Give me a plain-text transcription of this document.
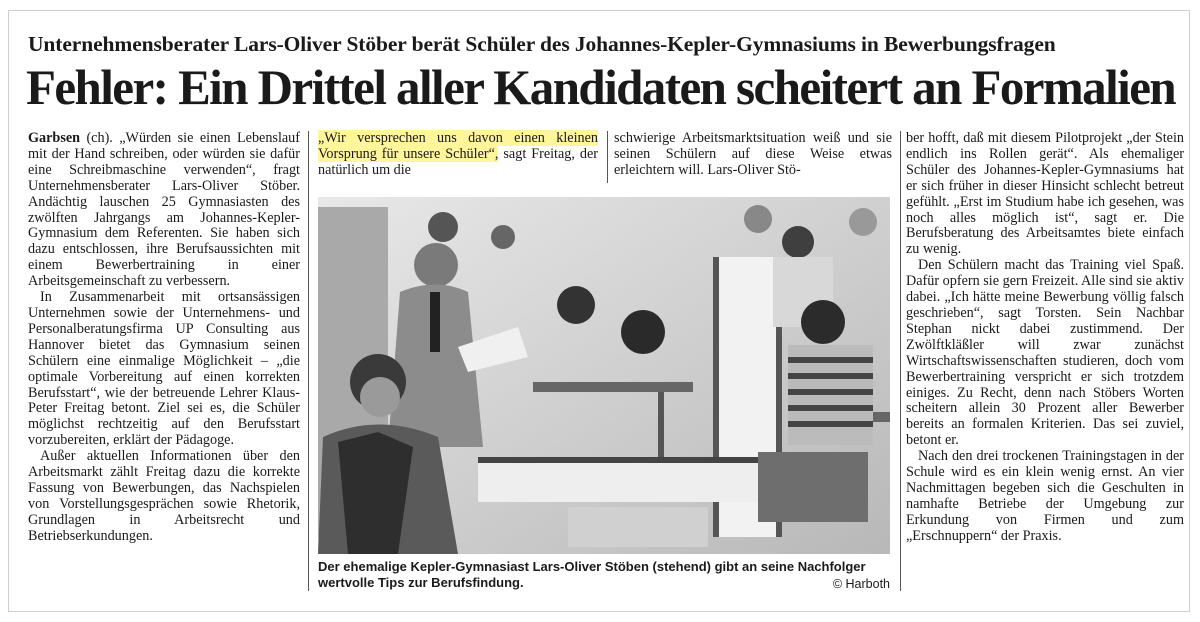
Unternehmensberater Lars-Oliver Stöber berät Schüler des Johannes-Kepler-Gymnasiums in Bewerbungsfragen
Fehler: Ein Drittel aller Kandidaten scheitert an Formalien

Garbsen (ch). „Würden sie einen Lebenslauf mit der Hand schreiben, oder würden sie dafür eine Schreibmaschine verwenden“, fragt Unternehmensberater Lars-Oliver Stöber. Andächtig lauschen 25 Gymnasiasten des zwölften Jahrgangs am Johannes-Kepler-Gymnasium dem Referenten. Sie haben sich dazu entschlossen, ihre Berufsaussichten mit einem Bewerbertraining in einer Arbeitsgemeinschaft zu verbessern.

In Zusammenarbeit mit ortsansässigen Unternehmen sowie der Unternehmens- und Personalberatungsfirma UP Consulting aus Hannover bietet das Gymnasium seinen Schülern eine einmalige Möglichkeit – „die optimale Vorbereitung auf einen korrekten Berufsstart“, wie der betreuende Lehrer Klaus-Peter Freitag betont. Ziel sei es, die Schüler möglichst rechtzeitig auf den Berufsstart vorzubereiten, erklärt der Pädagoge.

Außer aktuellen Informationen über den Arbeitsmarkt zählt Freitag dazu die korrekte Fassung von Bewerbungen, das Nachspielen von Vorstellungsgesprächen sowie Rhetorik, Grundlagen in Arbeitsrecht und Betriebserkundungen.

„Wir versprechen uns davon einen kleinen Vorsprung für unsere Schüler“, sagt Freitag, der natürlich um die

schwierige Arbeitsmarktsituation weiß und sie seinen Schülern auf diese Weise etwas erleichtern will. Lars-Oliver Stö-

ber hofft, daß mit diesem Pilotprojekt „der Stein endlich ins Rollen gerät“. Als ehemaliger Schüler des Johannes-Kepler-Gymnasiums hat er sich früher in dieser Hinsicht schlecht betreut gefühlt. „Erst im Studium habe ich gesehen, was noch alles möglich ist“, sagt er. Die Berufsberatung des Arbeitsamtes biete einfach zu wenig.

Den Schülern macht das Training viel Spaß. Dafür opfern sie gern Freizeit. Alle sind sie aktiv dabei. „Ich hätte meine Bewerbung völlig falsch geschrieben“, sagt Torsten. Sein Nachbar Stephan nickt dabei zustimmend. Der Zwölftkläßler will zwar zunächst Wirtschaftswissenschaften studieren, doch vom Bewerbertraining verspricht er sich trotzdem einiges. Zu Recht, denn nach Stöbers Worten scheitern allein 30 Prozent aller Bewerber bereits an formalen Kriterien. Das sei zuviel, betont er.

Nach den drei trockenen Trainingstagen in der Schule wird es ein klein wenig ernst. An vier Nachmittagen begeben sich die Geschulten in namhafte Betriebe der Umgebung zur Erkundung von Firmen und zum „Erschnuppern“ der Praxis.

Der ehemalige Kepler-Gymnasiast Lars-Oliver Stöben (stehend) gibt an seine Nachfolger wertvolle Tips zur Berufsfindung.	© Harboth
